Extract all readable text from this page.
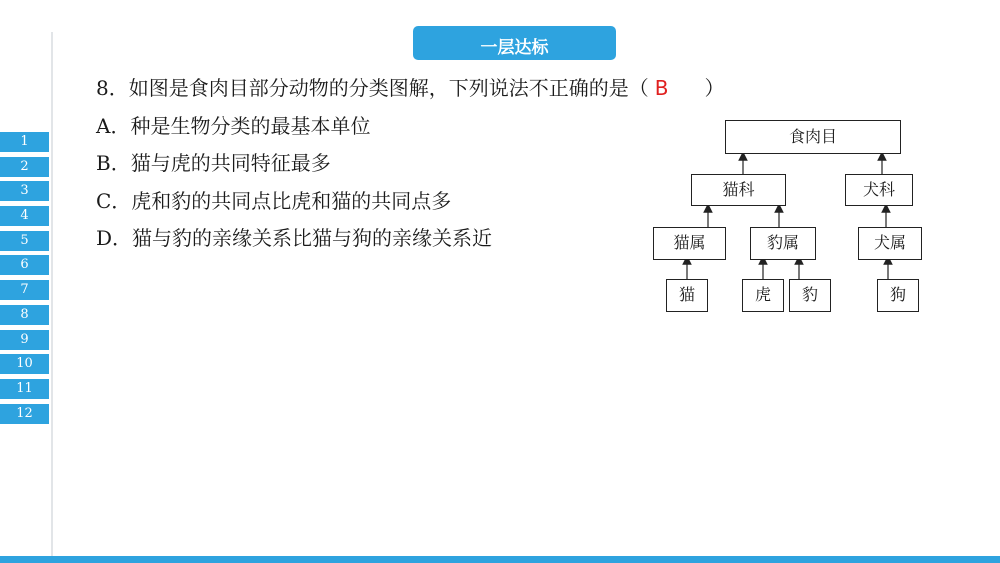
一层达标
1
2
3
4
5
6
7
8
9
10
11
12
8．如图是食肉目部分动物的分类图解，下列说法不正确的是（ B ）
A．种是生物分类的最基本单位
B．猫与虎的共同特征最多
C．虎和豹的共同点比虎和猫的共同点多
D．猫与豹的亲缘关系比猫与狗的亲缘关系近
食肉目
猫科	犬科
猫属	豹属	犬属
猫	虎	豹	狗
